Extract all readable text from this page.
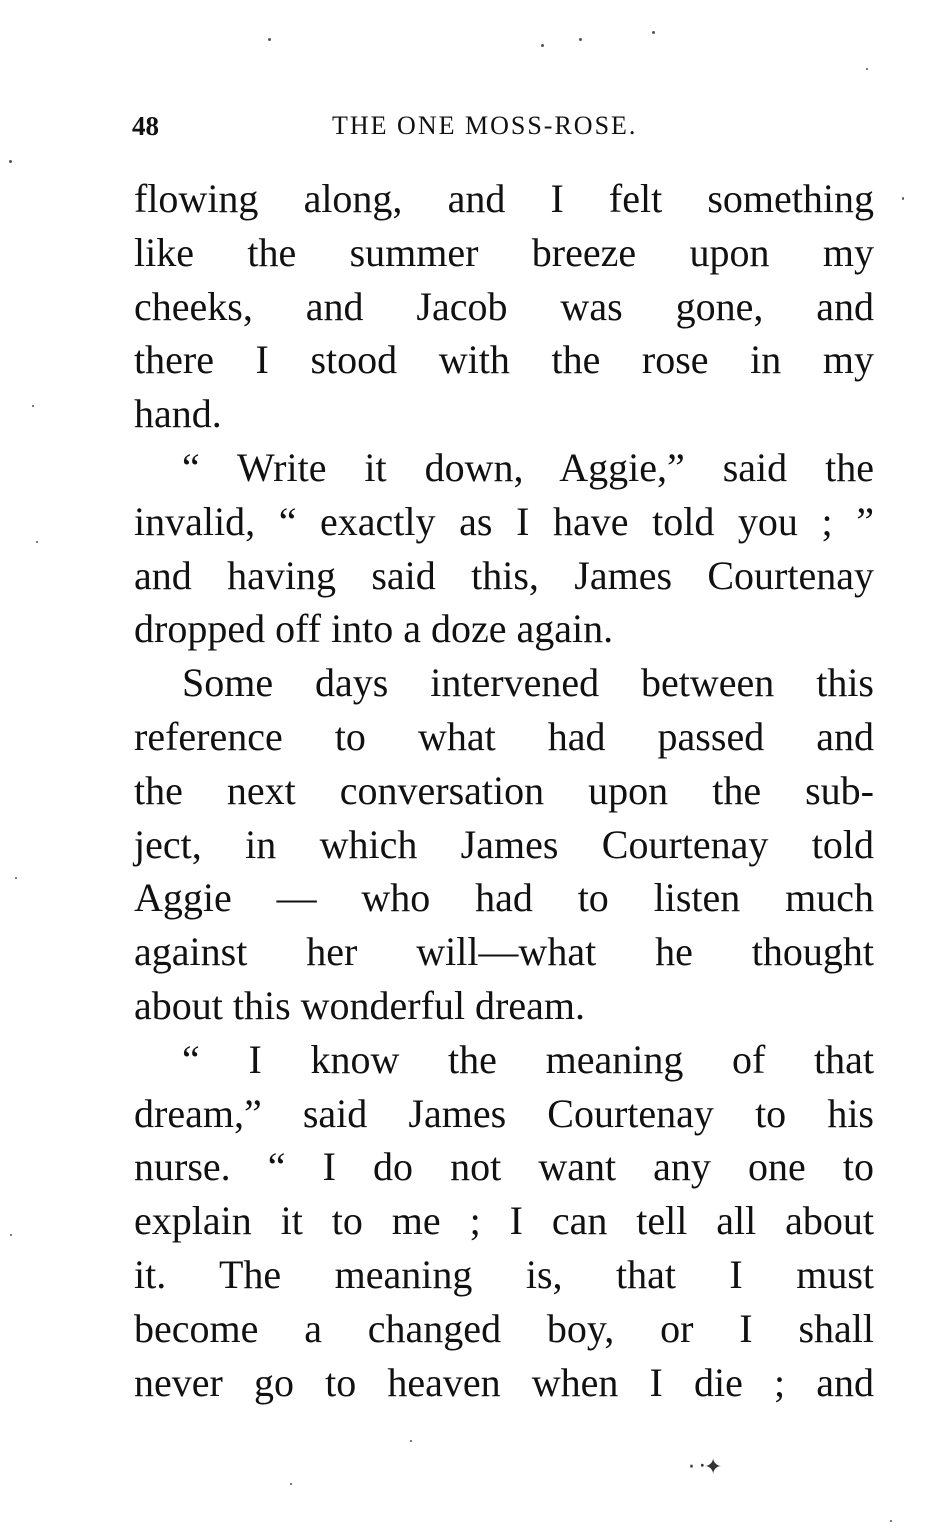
48	THE ONE MOSS-ROSE.
flowing along, and I felt something
like the summer breeze upon my
cheeks, and Jacob was gone, and
there I stood with the rose in my
hand.
“ Write it down, Aggie,” said the
invalid, “ exactly as I have told you ; ”
and having said this, James Courtenay
dropped off into a doze again.
Some days intervened between this
reference to what had passed and
the next conversation upon the sub-
ject, in which James Courtenay told
Aggie — who had to listen much
against her will—what he thought
about this wonderful dream.
“ I know the meaning of that
dream,” said James Courtenay to his
nurse. “ I do not want any one to
explain it to me ; I can tell all about
it. The meaning is, that I must
become a changed boy, or I shall
never go to heaven when I die ; and
·᠂✦
